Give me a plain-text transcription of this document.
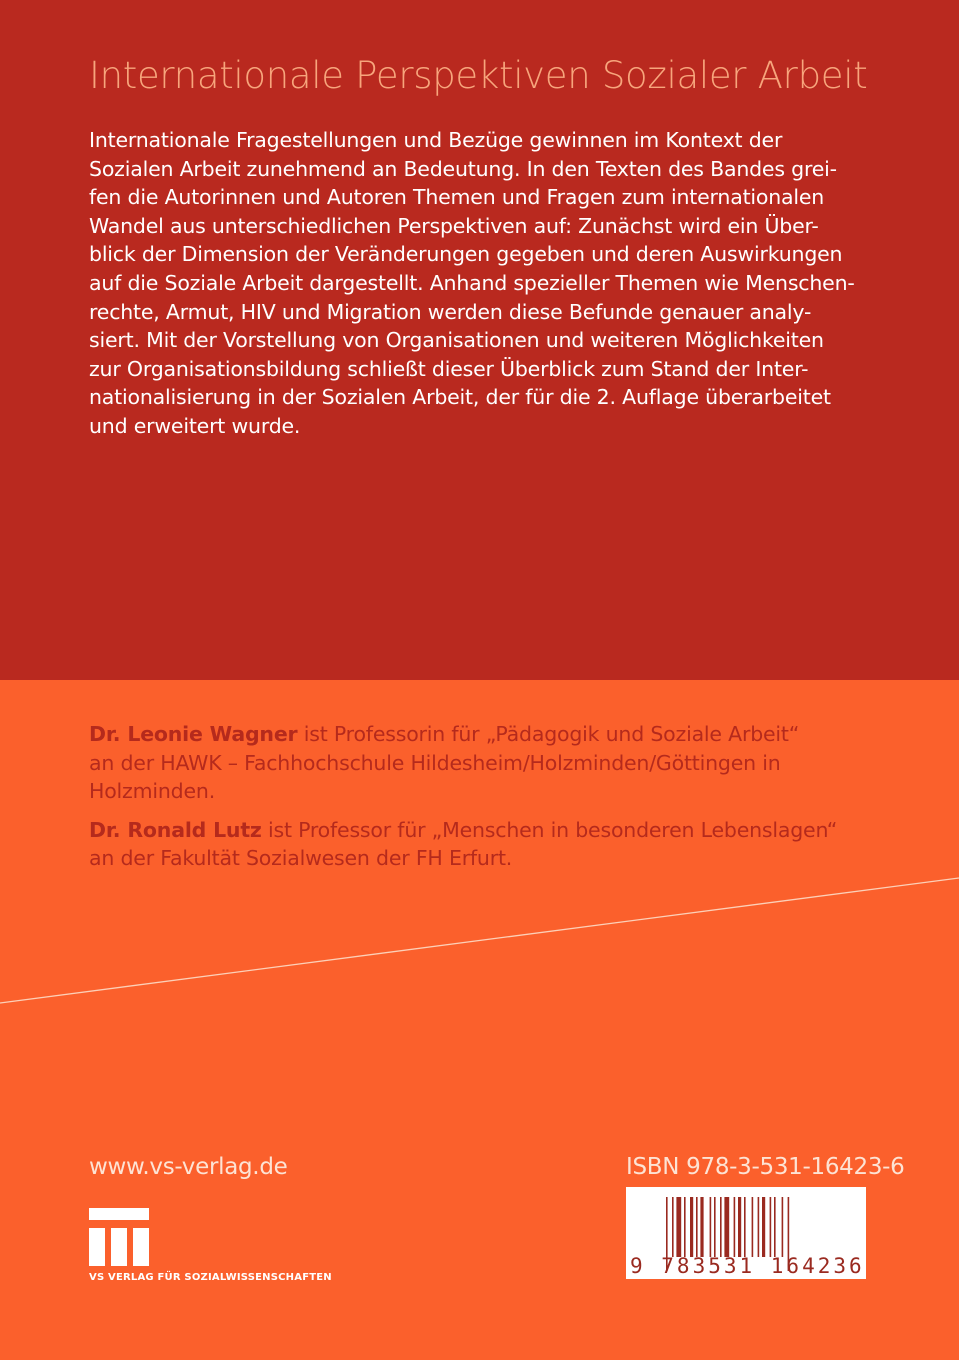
Internationale Perspektiven Sozialer Arbeit
Internationale Fragestellungen und Bezüge gewinnen im Kontext der
Sozialen Arbeit zunehmend an Bedeutung. In den Texten des Bandes grei-
fen die Autorinnen und Autoren Themen und Fragen zum internationalen
Wandel aus unterschiedlichen Perspektiven auf: Zunächst wird ein Über-
blick der Dimension der Veränderungen gegeben und deren Auswirkungen
auf die Soziale Arbeit dargestellt. Anhand spezieller Themen wie Menschen-
rechte, Armut, HIV und Migration werden diese Befunde genauer analy-
siert. Mit der Vorstellung von Organisationen und weiteren Möglichkeiten
zur Organisationsbildung schließt dieser Überblick zum Stand der Inter-
nationalisierung in der Sozialen Arbeit, der für die 2. Auflage überarbeitet
und erweitert wurde.
Dr. Leonie Wagner ist Professorin für „Pädagogik und Soziale Arbeit“
an der HAWK – Fachhochschule Hildesheim/Holzminden/Göttingen in
Holzminden.
Dr. Ronald Lutz ist Professor für „Menschen in besonderen Lebenslagen“
an der Fakultät Sozialwesen der FH Erfurt.
www.vs-verlag.de
VS VERLAG FÜR SOZIALWISSENSCHAFTEN
ISBN 978-3-531-16423-6
9 783531 164236
